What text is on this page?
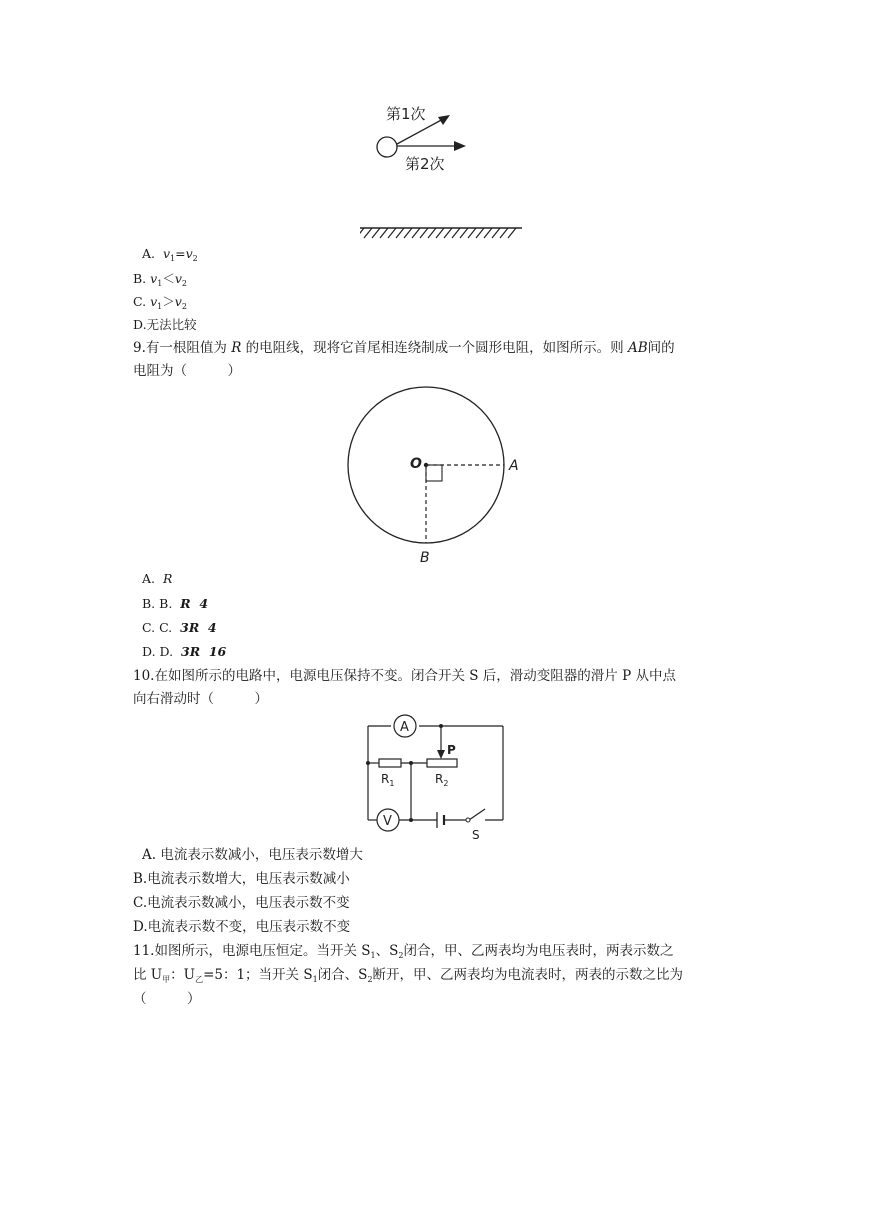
第1次
第2次
A. $v_1=v_2$
B. $v_1<v_2$
C. $v_1>v_2$
D.无法比较
9.有一根阻值为 R 的电阻线，现将它首尾相连绕制成一个圆形电阻，如图所示。则 AB间的
电阻为（　　　）
O	A
B
A. R
B. B. R  4
C. C. 3R  4
D. D. 3R  16
10.在如图所示的电路中，电源电压保持不变。闭合开关 S 后，滑动变阻器的滑片 P 从中点
向右滑动时（　　　）
A
V
$R_1$	$R_2$
P
S
A. 电流表示数减小，电压表示数增大
B.电流表示数增大，电压表示数减小
C.电流表示数减小，电压表示数不变
D.电流表示数不变，电压表示数不变
11.如图所示，电源电压恒定。当开关 $S_1$、$S_2$闭合，甲、乙两表均为电压表时，两表示数之
比 $U_甲$：$U_乙=5$：1；当开关 $S_1$闭合、$S_2$断开，甲、乙两表均为电流表时，两表的示数之比为
（　　　）
